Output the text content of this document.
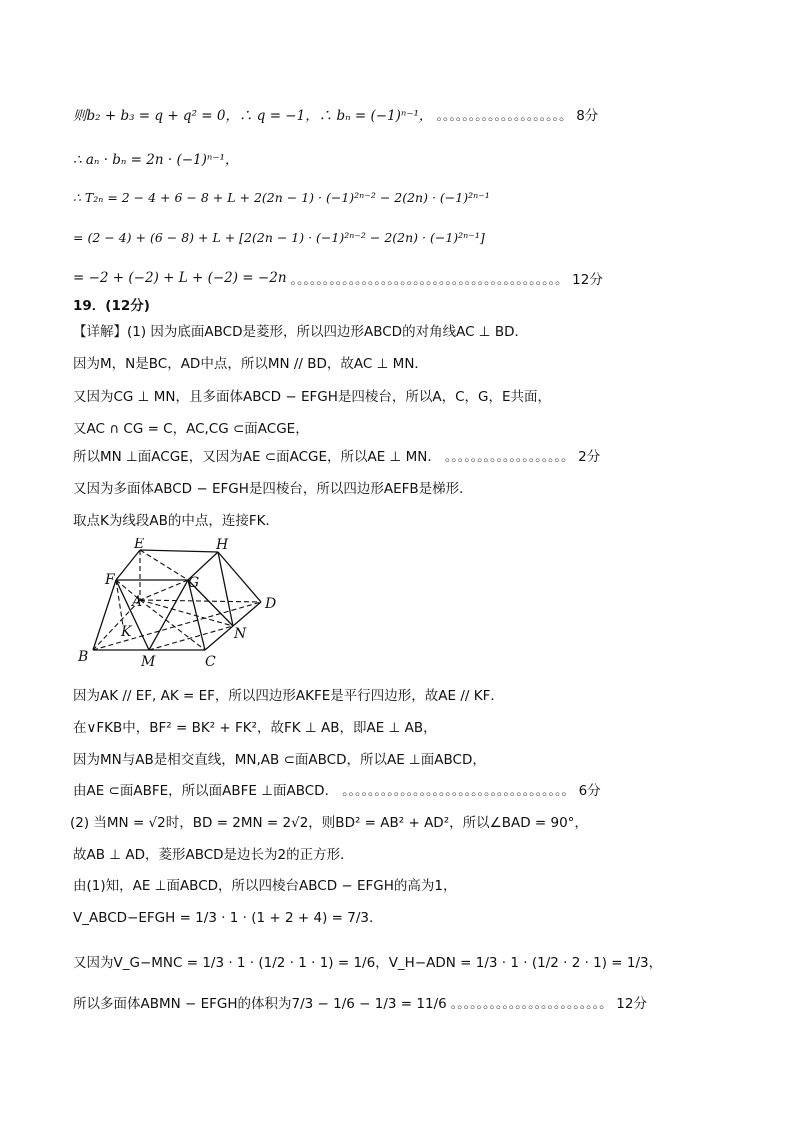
则b₂ + b₃ = q + q² = 0，∴ q = −1，∴ bₙ = (−1)ⁿ⁻¹， 。。。。。。。。。。。。。。。。。。。。 8分
∴ aₙ · bₙ = 2n · (−1)ⁿ⁻¹，
∴ T₂ₙ = 2 − 4 + 6 − 8 + L + 2(2n − 1) · (−1)²ⁿ⁻² − 2(2n) · (−1)²ⁿ⁻¹
= (2 − 4) + (6 − 8) + L + [2(2n − 1) · (−1)²ⁿ⁻² − 2(2n) · (−1)²ⁿ⁻¹]
= −2 + (−2) + L + (−2) = −2n 。。。。。。。。。。。。。。。。。。。。。。。。。。。。。。。。。。。。。。。。。。 12分
19．(12分)
【详解】(1) 因为底面ABCD是菱形，所以四边形ABCD的对角线AC ⊥ BD．
因为M，N是BC，AD中点，所以MN // BD，故AC ⊥ MN．
又因为CG ⊥ MN，且多面体ABCD − EFGH是四棱台，所以A，C，G，E共面，
又AC ∩ CG = C，AC,CG ⊂面ACGE，
所以MN ⊥面ACGE，又因为AE ⊂面ACGE，所以AE ⊥ MN． 。。。。。。。。。。。。。。。。。。。 2分
又因为多面体ABCD − EFGH是四棱台，所以四边形AEFB是梯形．
取点K为线段AB的中点，连接FK．
E	H
F	G
A	D
K	N
B	M	C
因为AK // EF, AK = EF，所以四边形AKFE是平行四边形，故AE // KF．
在∨FKB中，BF² = BK² + FK²，故FK ⊥ AB，即AE ⊥ AB，
因为MN与AB是相交直线，MN,AB ⊂面ABCD，所以AE ⊥面ABCD，
由AE ⊂面ABFE，所以面ABFE ⊥面ABCD． 。。。。。。。。。。。。。。。。。。。。。。。。。。。。。。。。。。。 6分
(2) 当MN = √2时，BD = 2MN = 2√2，则BD² = AB² + AD²，所以∠BAD = 90°，
故AB ⊥ AD，菱形ABCD是边长为2的正方形．
由(1)知，AE ⊥面ABCD，所以四棱台ABCD − EFGH的高为1，
V_ABCD−EFGH = 1/3 · 1 · (1 + 2 + 4) = 7/3．
又因为V_G−MNC = 1/3 · 1 · (1/2 · 1 · 1) = 1/6，V_H−ADN = 1/3 · 1 · (1/2 · 2 · 1) = 1/3，
所以多面体ABMN − EFGH的体积为7/3 − 1/6 − 1/3 = 11/6 。。。。。。。。。。。。。。。。。。。。。。。。 12分
